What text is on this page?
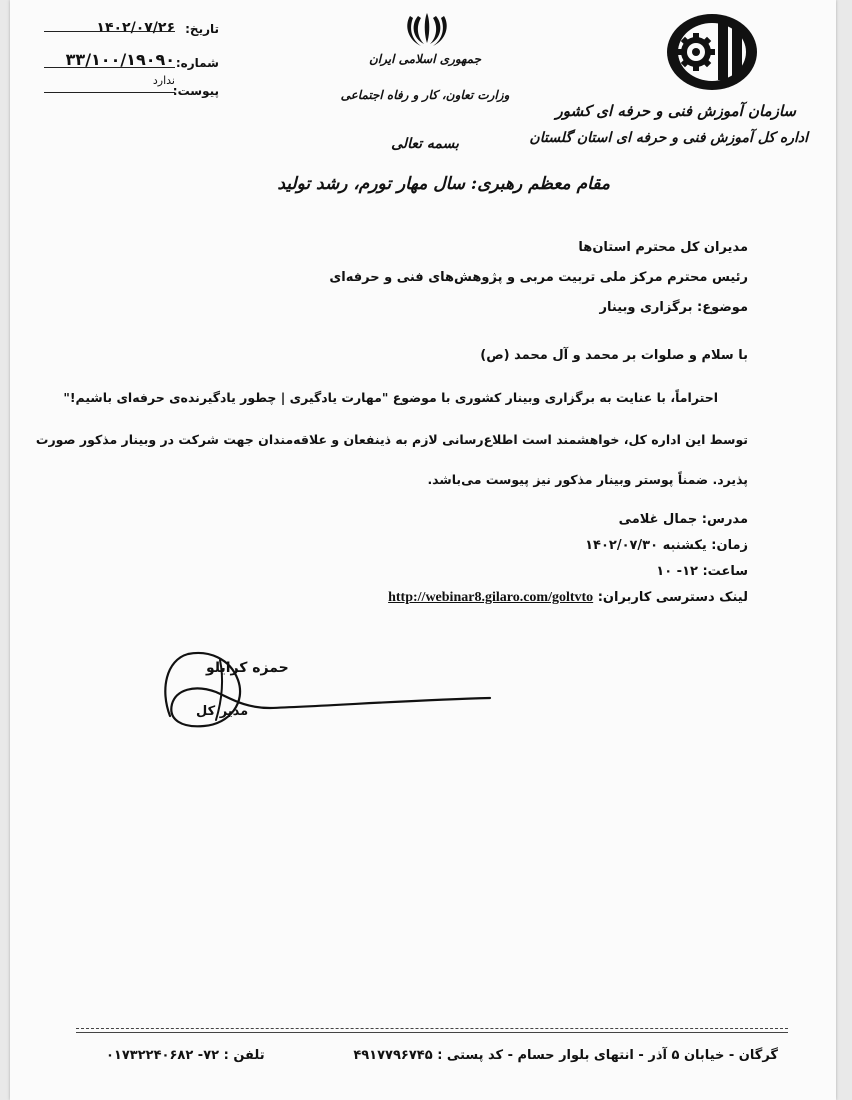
تاریخ:
۱۴۰۲/۰۷/۲۶
شماره:
۳۳/۱۰۰/۱۹۰۹۰
پیوست:
ندارد
جمهوری اسلامی ایران
وزارت تعاون، کار و رفاه اجتماعی
بسمه تعالی
سازمان آموزش فنی و حرفه ای کشور
اداره کل آموزش فنی و حرفه ای استان گلستان
مقام معظم رهبری: سال مهار تورم، رشد تولید
مدیران کل محترم استان‌ها
رئیس محترم مرکز ملی تربیت مربی و پژوهش‌های فنی و حرفه‌ای
موضوع: برگزاری وبینار
با سلام و صلوات بر محمد و آل محمد (ص)
احتراماً، با عنایت به برگزاری وبینار کشوری با موضوع "مهارت یادگیری | چطور یادگیرنده‌ی حرفه‌ای باشیم!"
توسط این اداره کل، خواهشمند است اطلاع‌رسانی لازم به ذینفعان و علاقه‌مندان جهت شرکت در وبینار مذکور صورت
پذیرد. ضمناً پوستر وبینار مذکور نیز پیوست می‌باشد.
مدرس: جمال غلامی
زمان: یکشنبه ۱۴۰۲/۰۷/۳۰
ساعت: ۱۲- ۱۰
لینک دسترسی کاربران: http://webinar8.gilaro.com/goltvto
حمزه کرایلو
مدیر کل
گرگان - خیابان ۵ آذر - انتهای بلوار حسام - کد پستی : ۴۹۱۷۷۹۶۷۴۵
تلفن : ۷۲- ۰۱۷۳۲۲۴۰۶۸۲
